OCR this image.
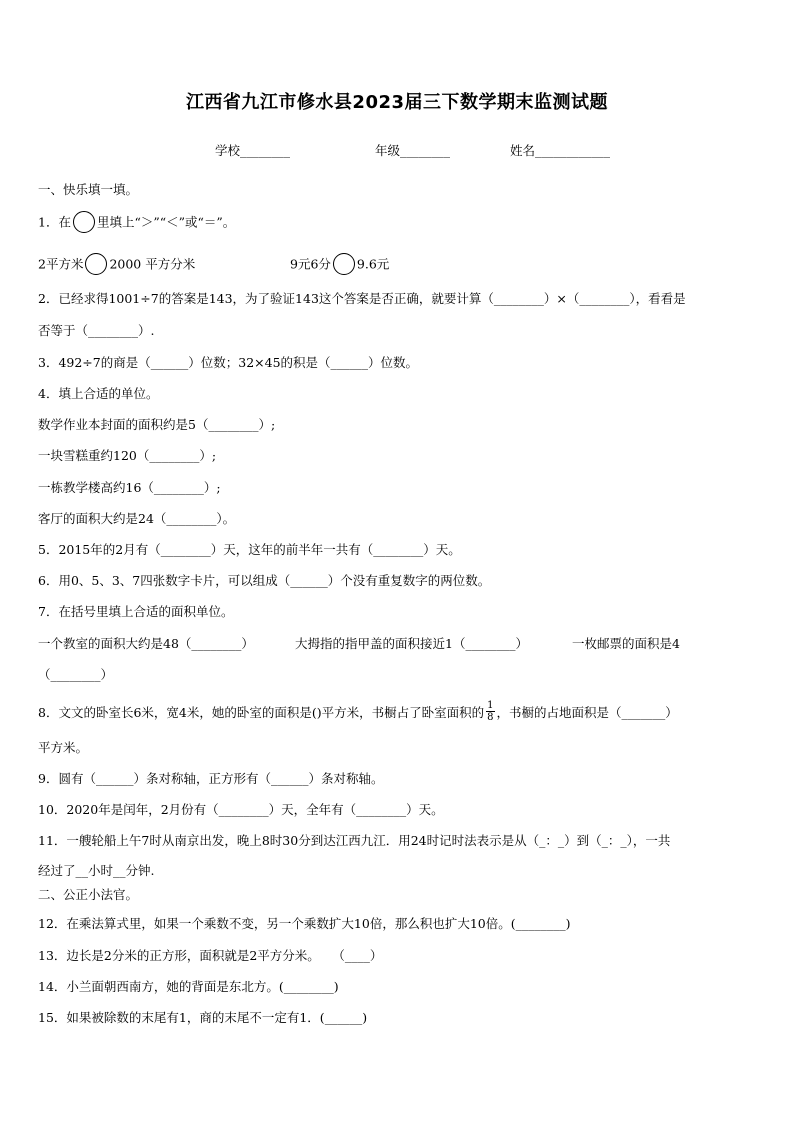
江西省九江市修水县2023届三下数学期末监测试题
学校________	年级________	姓名____________
一、快乐填一填。
1．在 里填上“＞”“＜”或“＝”。
2平方米 2000 平方分米	9元6分 9.6元
2．已经求得1001÷7的答案是143，为了验证143这个答案是否正确，就要计算（________）×（________），看看是
否等于（________）.
3．492÷7的商是（______）位数；32×45的积是（______）位数。
4．填上合适的单位。
数学作业本封面的面积约是5（________）;
一块雪糕重约120（________）;
一栋教学楼高约16（________）;
客厅的面积大约是24（________）。
5．2015年的2月有（________）天，这年的前半年一共有（________）天。
6．用0、5、3、7四张数字卡片，可以组成（______）个没有重复数字的两位数。
7．在括号里填上合适的面积单位。
一个教室的面积大约是48（________）	大拇指的指甲盖的面积接近1（________）	一枚邮票的面积是4
（________）
8．文文的卧室长6米，宽4米，她的卧室的面积是()平方米，书橱占了卧室面积的 $\frac{1}{8}$ ，书橱的占地面积是（_______）
平方米。
9．圆有（______）条对称轴，正方形有（______）条对称轴。
10．2020年是闰年，2月份有（________）天，全年有（________）天。
11．一艘轮船上午7时从南京出发，晚上8时30分到达江西九江．用24时记时法表示是从（_：_）到（_：_），一共
经过了__小时__分钟.
二、公正小法官。
12．在乘法算式里，如果一个乘数不变，另一个乘数扩大10倍，那么积也扩大10倍。(________)
13．边长是2分米的正方形，面积就是2平方分米。　　（____）
14．小兰面朝西南方，她的背面是东北方。(________)
15．如果被除数的末尾有1，商的末尾不一定有1．(______)
